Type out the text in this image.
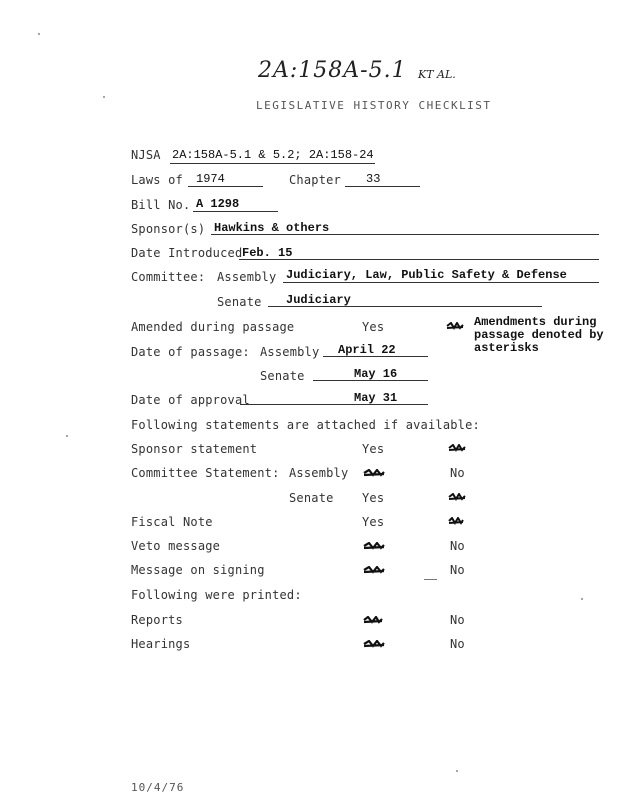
2A:158A-5.1 KT AL.
LEGISLATIVE HISTORY CHECKLIST
NJSA 2A:158A-5.1 & 5.2; 2A:158-24
Laws of 1974	Chapter 33
Bill No. A 1298
Sponsor(s) Hawkins & others
Date Introduced Feb. 15
Committee: Assembly Judiciary, Law, Public Safety & Defense
Senate Judiciary
Amended during passage	Yes	Amendments during passage denoted by asterisks
Date of passage: Assembly April 22
Senate	May 16
Date of approval	May 31
Following statements are attached if available:
Sponsor statement	Yes
Committee Statement: Assembly	No
Senate Yes
Fiscal Note	Yes
Veto message	No
Message on signing	No
Following were printed:
Reports	No
Hearings	No
10/4/76
